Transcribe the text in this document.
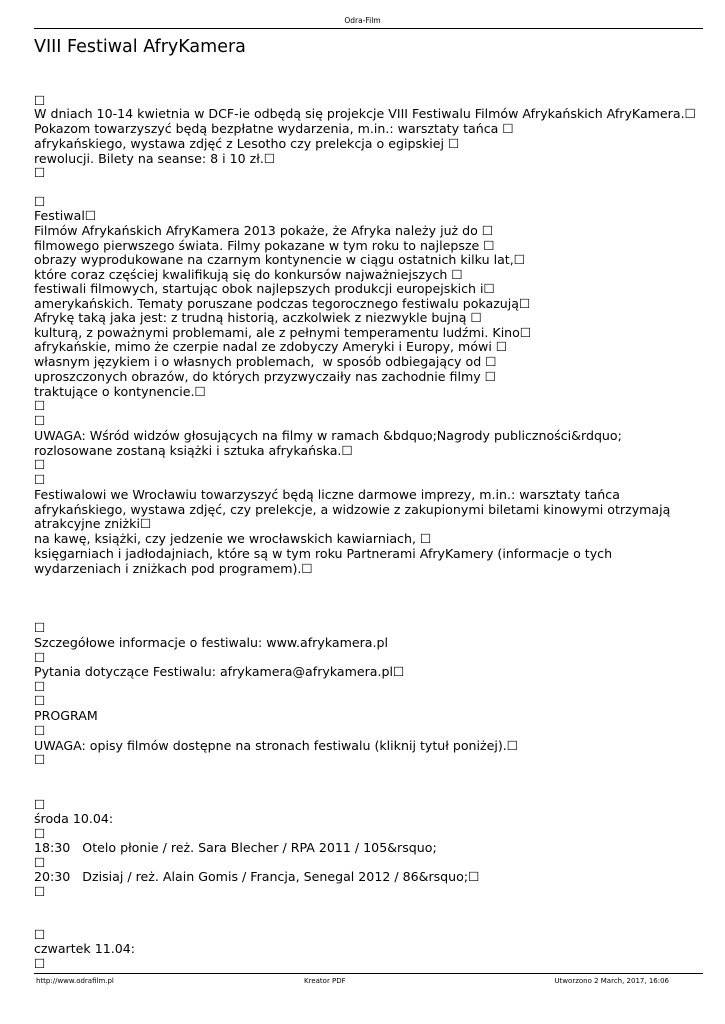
Odra-Film
VIII Festiwal AfryKamera
☐
W dniach 10-14 kwietnia w DCF-ie odbędą się projekcje VIII Festiwalu Filmów Afrykańskich AfryKamera.☐
Pokazom towarzyszyć będą bezpłatne wydarzenia, m.in.: warsztaty tańca ☐
afrykańskiego, wystawa zdjęć z Lesotho czy prelekcja o egipskiej ☐
rewolucji. Bilety na seanse: 8 i 10 zł.☐
☐
☐
Festiwal☐
Filmów Afrykańskich AfryKamera 2013 pokaże, że Afryka należy już do ☐
filmowego pierwszego świata. Filmy pokazane w tym roku to najlepsze ☐
obrazy wyprodukowane na czarnym kontynencie w ciągu ostatnich kilku lat,☐
które coraz częściej kwalifikują się do konkursów najważniejszych ☐
festiwali filmowych, startując obok najlepszych produkcji europejskich i☐
amerykańskich. Tematy poruszane podczas tegorocznego festiwalu pokazują☐
Afrykę taką jaka jest: z trudną historią, aczkolwiek z niezwykle bujną ☐
kulturą, z poważnymi problemami, ale z pełnymi temperamentu ludźmi. Kino☐
afrykańskie, mimo że czerpie nadal ze zdobyczy Ameryki i Europy, mówi ☐
własnym językiem i o własnych problemach,  w sposób odbiegający od ☐
uproszczonych obrazów, do których przyzwyczaiły nas zachodnie filmy ☐
traktujące o kontynencie.☐
☐
☐
UWAGA: Wśród widzów głosujących na filmy w ramach &bdquo;Nagrody publiczności&rdquo;
rozlosowane zostaną książki i sztuka afrykańska.☐
☐
☐
Festiwalowi we Wrocławiu towarzyszyć będą liczne darmowe imprezy, m.in.: warsztaty tańca
afrykańskiego, wystawa zdjęć, czy prelekcje, a widzowie z zakupionymi biletami kinowymi otrzymają
atrakcyjne zniżki☐
na kawę, książki, czy jedzenie we wrocławskich kawiarniach, ☐
księgarniach i jadłodajniach, które są w tym roku Partnerami AfryKamery (informacje o tych
wydarzeniach i zniżkach pod programem).☐
☐
Szczegółowe informacje o festiwalu: www.afrykamera.pl
☐
Pytania dotyczące Festiwalu: afrykamera@afrykamera.pl☐
☐
☐
PROGRAM
☐
UWAGA: opisy filmów dostępne na stronach festiwalu (kliknij tytuł poniżej).☐
☐
☐
środa 10.04:
☐
18:30   Otelo płonie / reż. Sara Blecher / RPA 2011 / 105&rsquo;
☐
20:30   Dzisiaj / reż. Alain Gomis / Francja, Senegal 2012 / 86&rsquo;☐
☐
☐
czwartek 11.04:
☐
http://www.odrafilm.pl	Kreator PDF	Utworzono 2 March, 2017, 16:06
